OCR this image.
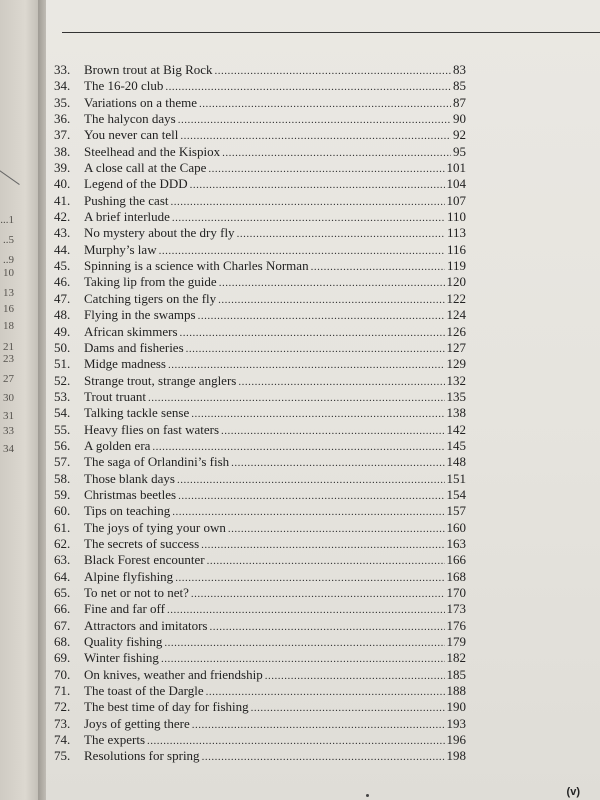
...1
..5
..9
10
13
16
18
21
23
27
30
31
33
34
33.	Brown trout at Big Rock .....	83
34.	The 16-20 club .....	85
35.	Variations on a theme .....	87
36.	The halycon days .....	90
37.	You never can tell .....	92
38.	Steelhead and the Kispiox .....	95
39.	A close call at the Cape .....	101
40.	Legend of the DDD .....	104
41.	Pushing the cast .....	107
42.	A brief interlude .....	110
43.	No mystery about the dry fly .....	113
44.	Murphy’s law .....	116
45.	Spinning is a science with Charles Norman .....	119
46.	Taking lip from the guide .....	120
47.	Catching tigers on the fly .....	122
48.	Flying in the swamps .....	124
49.	African skimmers .....	126
50.	Dams and fisheries .....	127
51.	Midge madness .....	129
52.	Strange trout, strange anglers .....	132
53.	Trout truant .....	135
54.	Talking tackle sense .....	138
55.	Heavy flies on fast waters .....	142
56.	A golden era .....	145
57.	The saga of Orlandini’s fish .....	148
58.	Those blank days .....	151
59.	Christmas beetles .....	154
60.	Tips on teaching .....	157
61.	The joys of tying your own .....	160
62.	The secrets of success .....	163
63.	Black Forest encounter .....	166
64.	Alpine flyfishing .....	168
65.	To net or not to net? .....	170
66.	Fine and far off .....	173
67.	Attractors and imitators .....	176
68.	Quality fishing .....	179
69.	Winter fishing .....	182
70.	On knives, weather and friendship .....	185
71.	The toast of the Dargle .....	188
72.	The best time of day for fishing .....	190
73.	Joys of getting there .....	193
74.	The experts .....	196
75.	Resolutions for spring .....	198
(v)
